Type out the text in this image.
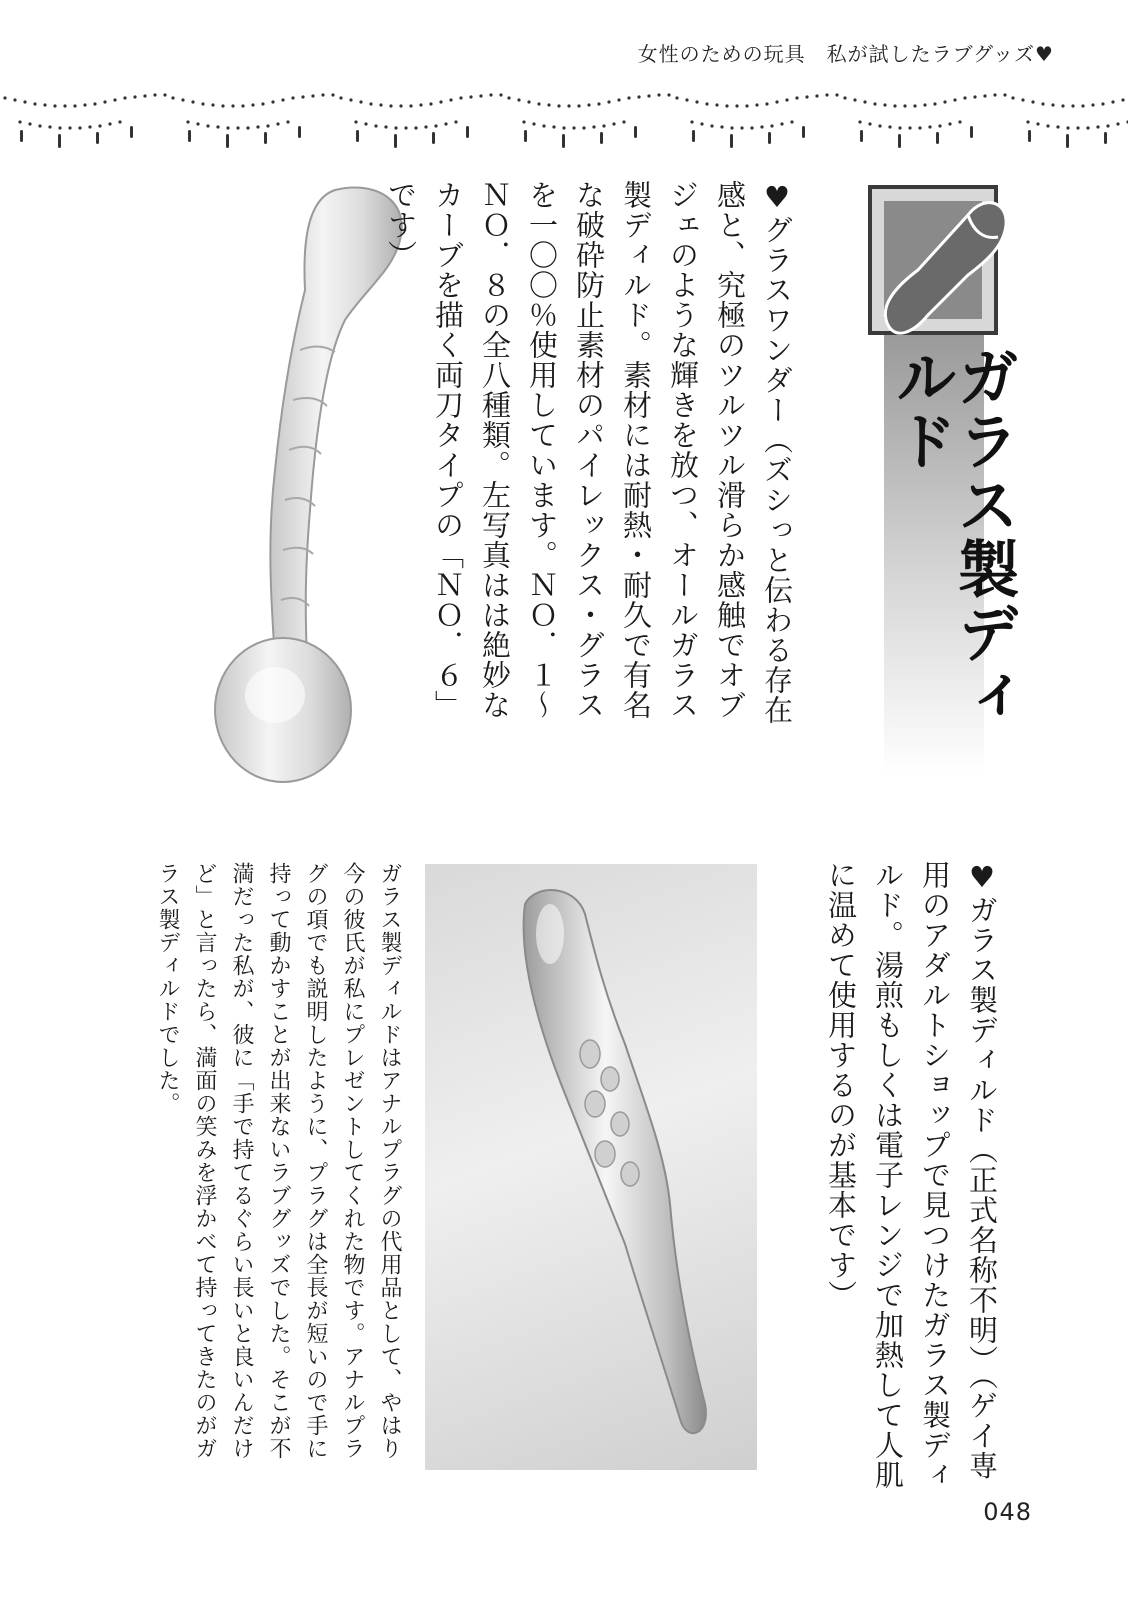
女性のための玩具　私が試したラブグッズ♥
ガラス製ディルド
♥グラスワンダー（ズシっと伝わる存在感と、究極のツルツル滑らか感触でオブジェのような輝きを放つ、オールガラス製ディルド。素材には耐熱・耐久で有名な破砕防止素材のパイレックス・グラスを一〇〇％使用しています。ＮＯ．１〜ＮＯ．８の全八種類。左写真はは絶妙なカーブを描く両刀タイプの「ＮＯ．６」です）
♥ガラス製ディルド（正式名称不明）（ゲイ専用のアダルトショップで見つけたガラス製ディルド。湯煎もしくは電子レンジで加熱して人肌に温めて使用するのが基本です）
ガラス製ディルドはアナルプラグの代用品として、やはり今の彼氏が私にプレゼントしてくれた物です。アナルプラグの項でも説明したように、プラグは全長が短いので手に持って動かすことが出来ないラブグッズでした。そこが不満だった私が、彼に「手で持てるぐらい長いと良いんだけど」と言ったら、満面の笑みを浮かべて持ってきたのがガラス製ディルドでした。
048
